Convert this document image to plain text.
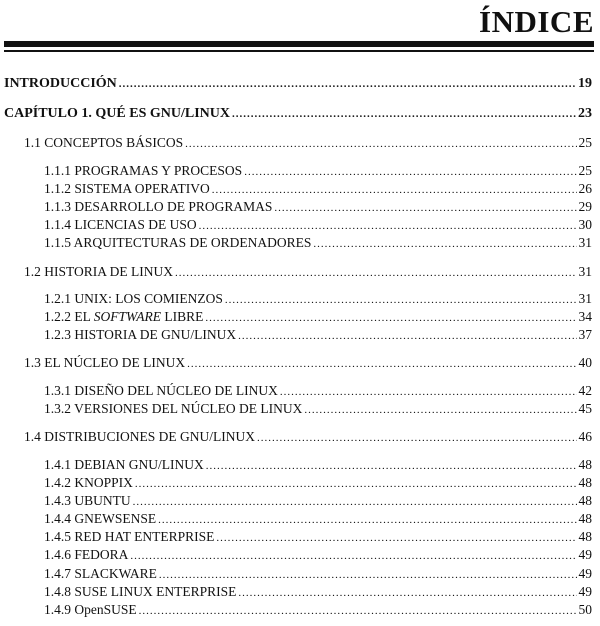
ÍNDICE
INTRODUCCIÓN .....	19
CAPÍTULO 1. QUÉ ES GNU/LINUX .....	23
1.1 CONCEPTOS BÁSICOS .....	25
1.1.1 PROGRAMAS Y PROCESOS .....	25
1.1.2 SISTEMA OPERATIVO .....	26
1.1.3 DESARROLLO DE PROGRAMAS .....	29
1.1.4 LICENCIAS DE USO .....	30
1.1.5 ARQUITECTURAS DE ORDENADORES .....	31
1.2 HISTORIA DE LINUX .....	31
1.2.1 UNIX: LOS COMIENZOS .....	31
1.2.2 EL SOFTWARE LIBRE .....	34
1.2.3 HISTORIA DE GNU/LINUX .....	37
1.3 EL NÚCLEO DE LINUX .....	40
1.3.1 DISEÑO DEL NÚCLEO DE LINUX .....	42
1.3.2 VERSIONES DEL NÚCLEO DE LINUX .....	45
1.4 DISTRIBUCIONES DE GNU/LINUX .....	46
1.4.1 DEBIAN GNU/LINUX .....	48
1.4.2 KNOPPIX .....	48
1.4.3 UBUNTU .....	48
1.4.4 GNEWSENSE .....	48
1.4.5 RED HAT ENTERPRISE .....	48
1.4.6 FEDORA .....	49
1.4.7 SLACKWARE .....	49
1.4.8 SUSE LINUX ENTERPRISE .....	49
1.4.9 OpenSUSE .....	50
